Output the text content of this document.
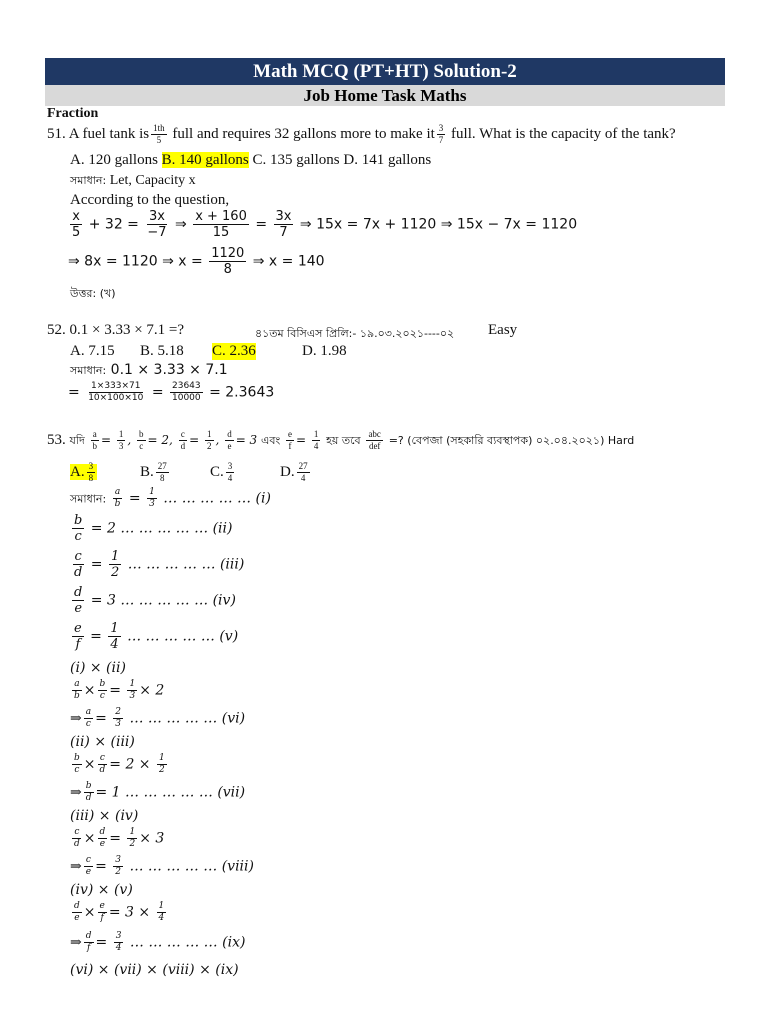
Math MCQ (PT+HT) Solution-2
Job Home Task Maths
Fraction
51. A fuel tank is $\frac{1th}{5}$ full and requires 32 gallons more to make it $\frac{3}{7}$ full. What is the capacity of the tank?
A. 120 gallons B. 140 gallons C. 135 gallons D. 141 gallons
সমাধান: Let, Capacity x
According to the question,
$\frac{x}{5} + 32 = \frac{3x}{-7}$ ⇒ $\frac{x + 160}{15} = \frac{3x}{7}$ ⇒ 15x = 7x + 1120 ⇒ 15x − 7x = 1120
⇒ 8x = 1120 ⇒ $x = \frac{1120}{8}$ ⇒ x = 140
উত্তর: (খ)
52. 0.1 × 3.33 × 7.1 =?	৪১তম বিসিএস প্রিলি:- ১৯.০৩.২০২১----০২ Easy
A. 7.15 B. 5.18 C. 2.36	D. 1.98
সমাধান: 0.1 × 3.33 × 7.1
= $\frac{1\times 333\times 71}{10\times 100\times 10} = \frac{23643}{10000} = 2.3643$
53. যদি $\frac{a}{b} = \frac{1}{3}$ , $\frac{b}{c} = 2$, $\frac{c}{d} = \frac{1}{2}$ , $\frac{d}{e} = 3$ এবং $\frac{e}{f} = \frac{1}{4}$ হয় তবে $\frac{\text{abc}}{\text{def}}$ =? (বেপজা (সহকারি ব্যবস্থাপক) ০২.০৪.২০২১) Hard
A. $\frac{3}{8}$	B. $\frac{27}{8}$	C. $\frac{3}{4}$	D. $\frac{27}{4}$
সমাধান: $\frac{a}{b} = \frac{1}{3}$ … … … … … (i)
$\frac{b}{c} = 2$ … … … … … (ii)
$\frac{c}{d} = \frac{1}{2}$ … … … … … (iii)
$\frac{d}{e} = 3$ … … … … … (iv)
$\frac{e}{f} = \frac{1}{4}$ … … … … … (v)
(i) × (ii)
$\frac{a}{b} \times \frac{b}{c} = \frac{1}{3} \times 2$
⇒ $\frac{a}{c} = \frac{2}{3}$ … … … … … (vi)
(ii) × (iii)
$\frac{b}{c} \times \frac{c}{d} = 2 \times \frac{1}{2}$
⇒ $\frac{b}{d} = 1$ … … … … … (vii)
(iii) × (iv)
$\frac{c}{d} \times \frac{d}{e} = \frac{1}{2} \times 3$
⇒ $\frac{c}{e} = \frac{3}{2}$ … … … … … (viii)
(iv) × (v)
$\frac{d}{e} \times \frac{e}{f} = 3 \times \frac{1}{4}$
⇒ $\frac{d}{f} = \frac{3}{4}$ … … … … … (ix)
(vi) × (vii) × (viii) × (ix)
